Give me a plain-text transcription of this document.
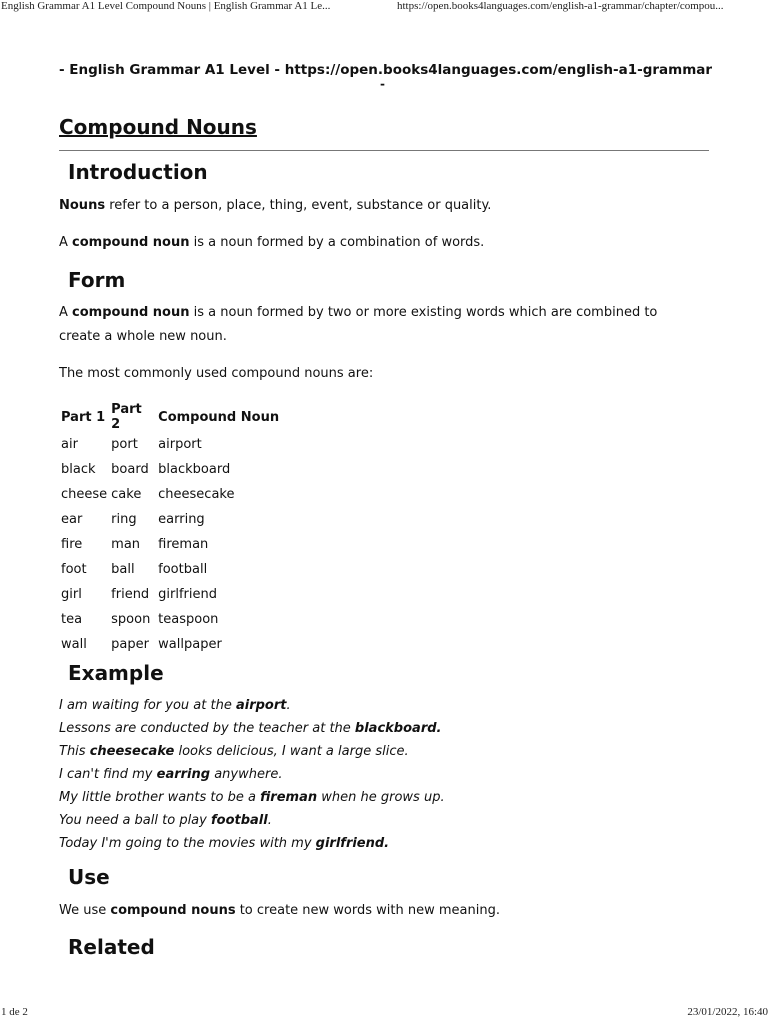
English Grammar A1 Level Compound Nouns | English Grammar A1 Le...	https://open.books4languages.com/english-a1-grammar/chapter/compou...
- English Grammar A1 Level - https://open.books4languages.com/english-a1-grammar
-
Compound Nouns
Introduction

Nouns refer to a person, place, thing, event, substance or quality.

A compound noun is a noun formed by a combination of words.

Form

A compound noun is a noun formed by two or more existing words which are combined to create a whole new noun.

The most commonly used compound nouns are:

Part 1	Part 2	Compound Noun
air	port	airport
black	board	blackboard
cheese	cake	cheesecake
ear	ring	earring
fire	man	fireman
foot	ball	football
girl	friend	girlfriend
tea	spoon	teaspoon
wall	paper	wallpaper
Example
I am waiting for you at the airport.
Lessons are conducted by the teacher at the blackboard.
This cheesecake looks delicious, I want a large slice.
I can't find my earring anywhere.
My little brother wants to be a fireman when he grows up.
You need a ball to play football.
Today I'm going to the movies with my girlfriend.
Use

We use compound nouns to create new words with new meaning.

Related
1 de 2	23/01/2022, 16:40
